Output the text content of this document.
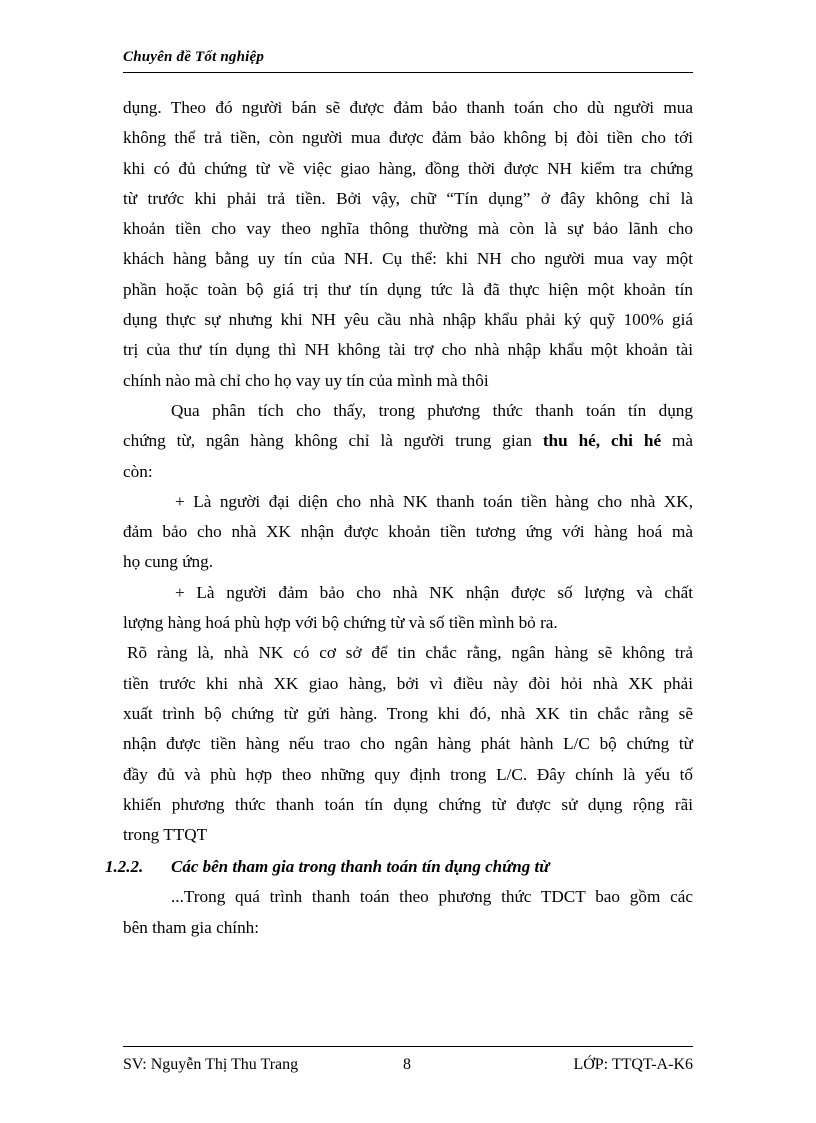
Chuyên đề Tốt nghiệp

dụng. Theo đó người bán sẽ được đảm bảo thanh toán cho dù người mua
không thể trả tiền, còn người mua được đảm bảo không bị đòi tiền cho tới
khi có đủ chứng từ về việc giao hàng, đồng thời được NH kiểm tra chứng
từ trước khi phải trả tiền. Bởi vậy, chữ “Tín dụng” ở đây không chỉ là
khoản tiền cho vay theo nghĩa thông thường mà còn là sự bảo lãnh cho
khách hàng bằng uy tín của NH. Cụ thể: khi NH cho người mua vay một
phần hoặc toàn bộ giá trị thư tín dụng tức là đã thực hiện một khoản tín
dụng thực sự nhưng khi NH yêu cầu nhà nhập khẩu phải ký quỹ 100% giá
trị của thư tín dụng thì NH không tài trợ cho nhà nhập khẩu một khoản tài
chính nào mà chỉ cho họ vay uy tín của mình mà thôi

Qua phân tích cho thấy, trong phương thức thanh toán tín dụng
chứng từ, ngân hàng không chỉ là người trung gian thu hé, chi hé mà
còn:

+ Là người đại diện cho nhà NK thanh toán tiền hàng cho nhà XK,
đảm bảo cho nhà XK nhận được khoản tiền tương ứng với hàng hoá mà
họ cung ứng.

+ Là người đảm bảo cho nhà NK nhận được số lượng và chất
lượng hàng hoá phù hợp với bộ chứng từ và số tiền mình bỏ ra.

Rõ ràng là, nhà NK có cơ sở để tin chắc rằng, ngân hàng sẽ không trả
tiền trước khi nhà XK giao hàng, bởi vì điều này đòi hỏi nhà XK phải
xuất trình bộ chứng từ gửi hàng. Trong khi đó, nhà XK tin chắc rằng sẽ
nhận được tiền hàng nếu trao cho ngân hàng phát hành L/C bộ chứng từ
đầy đủ và phù hợp theo những quy định trong L/C. Đây chính là yếu tố
khiến phương thức thanh toán tín dụng chứng từ được sử dụng rộng rãi
trong TTQT

1.2.2. Các bên tham gia trong thanh toán tín dụng chứng từ

...Trong quá trình thanh toán theo phương thức TDCT bao gồm các
bên tham gia chính:

SV: Nguyễn Thị Thu Trang	8	LỚP: TTQT-A-K6
